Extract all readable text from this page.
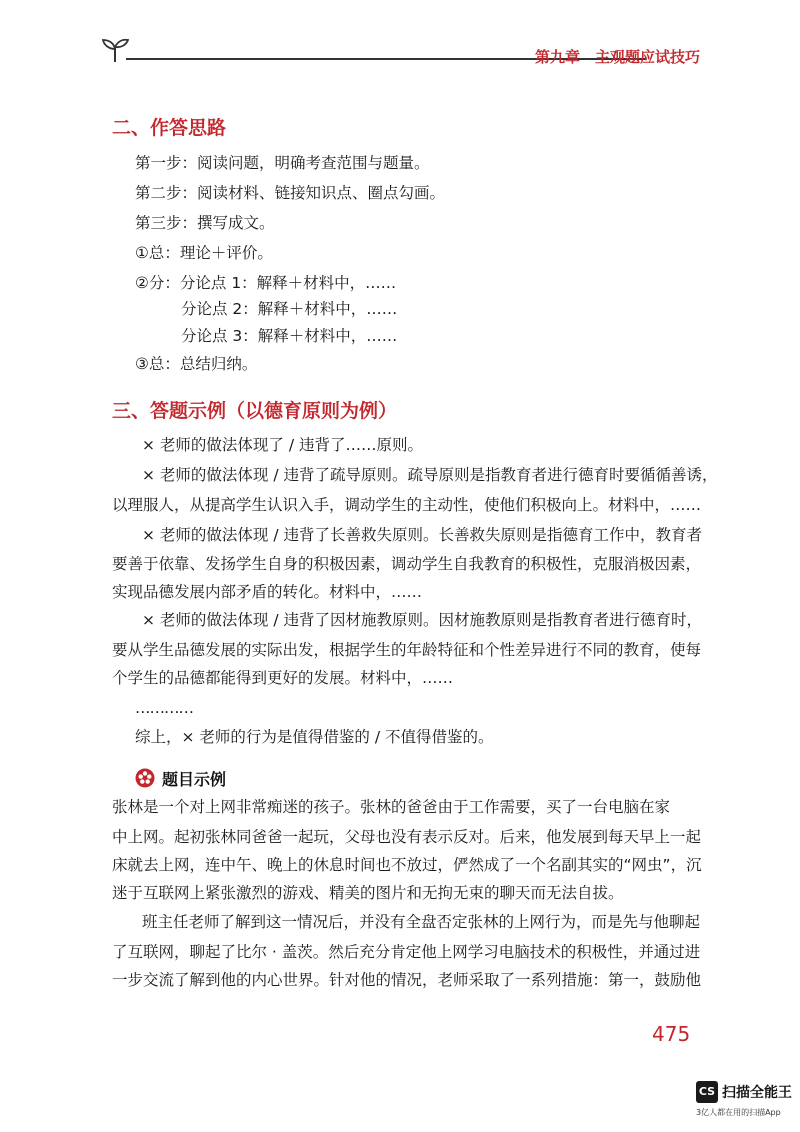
第九章　主观题应试技巧
二、作答思路
第一步：阅读问题，明确考查范围与题量。
第二步：阅读材料、链接知识点、圈点勾画。
第三步：撰写成文。
①总：理论＋评价。
②分：分论点 1：解释＋材料中，……
分论点 2：解释＋材料中，……
分论点 3：解释＋材料中，……
③总：总结归纳。
三、答题示例（以德育原则为例）
× 老师的做法体现了 / 违背了……原则。
× 老师的做法体现 / 违背了疏导原则。疏导原则是指教育者进行德育时要循循善诱，
以理服人，从提高学生认识入手，调动学生的主动性，使他们积极向上。材料中，……
× 老师的做法体现 / 违背了长善救失原则。长善救失原则是指德育工作中，教育者
要善于依靠、发扬学生自身的积极因素，调动学生自我教育的积极性，克服消极因素，
实现品德发展内部矛盾的转化。材料中，……
× 老师的做法体现 / 违背了因材施教原则。因材施教原则是指教育者进行德育时，
要从学生品德发展的实际出发，根据学生的年龄特征和个性差异进行不同的教育，使每
个学生的品德都能得到更好的发展。材料中，……
…………
综上，× 老师的行为是值得借鉴的 / 不值得借鉴的。
题目示例
张林是一个对上网非常痴迷的孩子。张林的爸爸由于工作需要，买了一台电脑在家
中上网。起初张林同爸爸一起玩，父母也没有表示反对。后来，他发展到每天早上一起
床就去上网，连中午、晚上的休息时间也不放过，俨然成了一个名副其实的“网虫”，沉
迷于互联网上紧张激烈的游戏、精美的图片和无拘无束的聊天而无法自拔。
班主任老师了解到这一情况后，并没有全盘否定张林的上网行为，而是先与他聊起
了互联网，聊起了比尔 · 盖茨。然后充分肯定他上网学习电脑技术的积极性，并通过进
一步交流了解到他的内心世界。针对他的情况，老师采取了一系列措施：第一，鼓励他
475
CS 扫描全能王
3亿人都在用的扫描App
